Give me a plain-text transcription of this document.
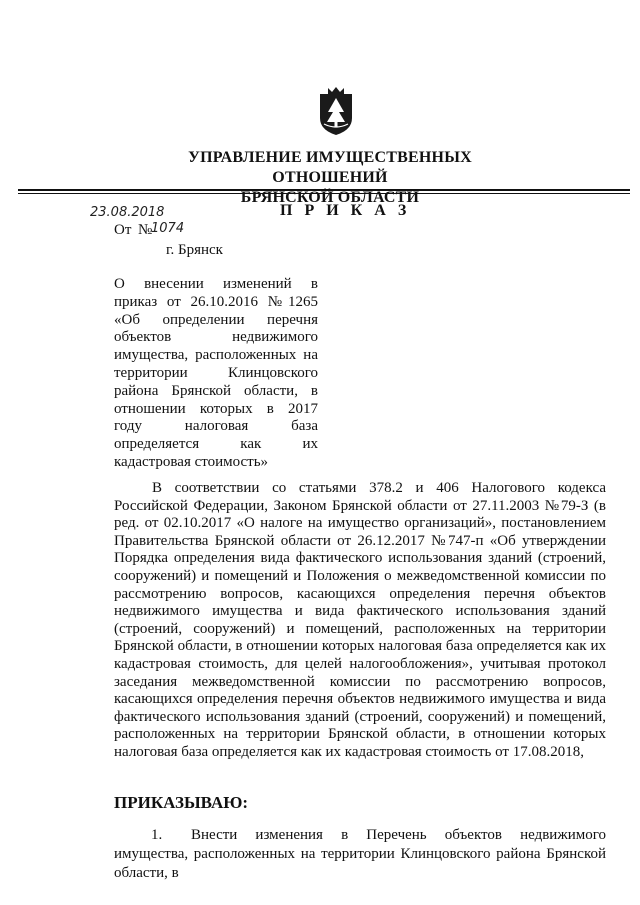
УПРАВЛЕНИЕ ИМУЩЕСТВЕННЫХ ОТНОШЕНИЙ
БРЯНСКОЙ ОБЛАСТИ
П Р И К А З
23.08.2018
1074
От №
г. Брянск
О внесении изменений в приказ от 26.10.2016 №1265 «Об определении перечня объектов недвижимого имущества, расположенных на территории Клинцовского района Брянской области, в отношении которых в 2017 году налоговая база определяется как их кадастровая стоимость»
В соответствии со статьями 378.2 и 406 Налогового кодекса Российской Федерации, Законом Брянской области от 27.11.2003 №79-З (в ред. от 02.10.2017 «О налоге на имущество организаций», постановлением Правительства Брянской области от 26.12.2017 №747-п «Об утверждении Порядка определения вида фактического использования зданий (строений, сооружений) и помещений и Положения о межведомственной комиссии по рассмотрению вопросов, касающихся определения перечня объектов недвижимого имущества и вида фактического использования зданий (строений, сооружений) и помещений, расположенных на территории Брянской области, в отношении которых налоговая база определяется как их кадастровая стоимость, для целей налогообложения», учитывая протокол заседания межведомственной комиссии по рассмотрению вопросов, касающихся определения перечня объектов недвижимого имущества и вида фактического использования зданий (строений, сооружений) и помещений, расположенных на территории Брянской области, в отношении которых налоговая база определяется как их кадастровая стоимость от 17.08.2018,
ПРИКАЗЫВАЮ:
1. Внести изменения в Перечень объектов недвижимого имущества, расположенных на территории Клинцовского района Брянской области, в
